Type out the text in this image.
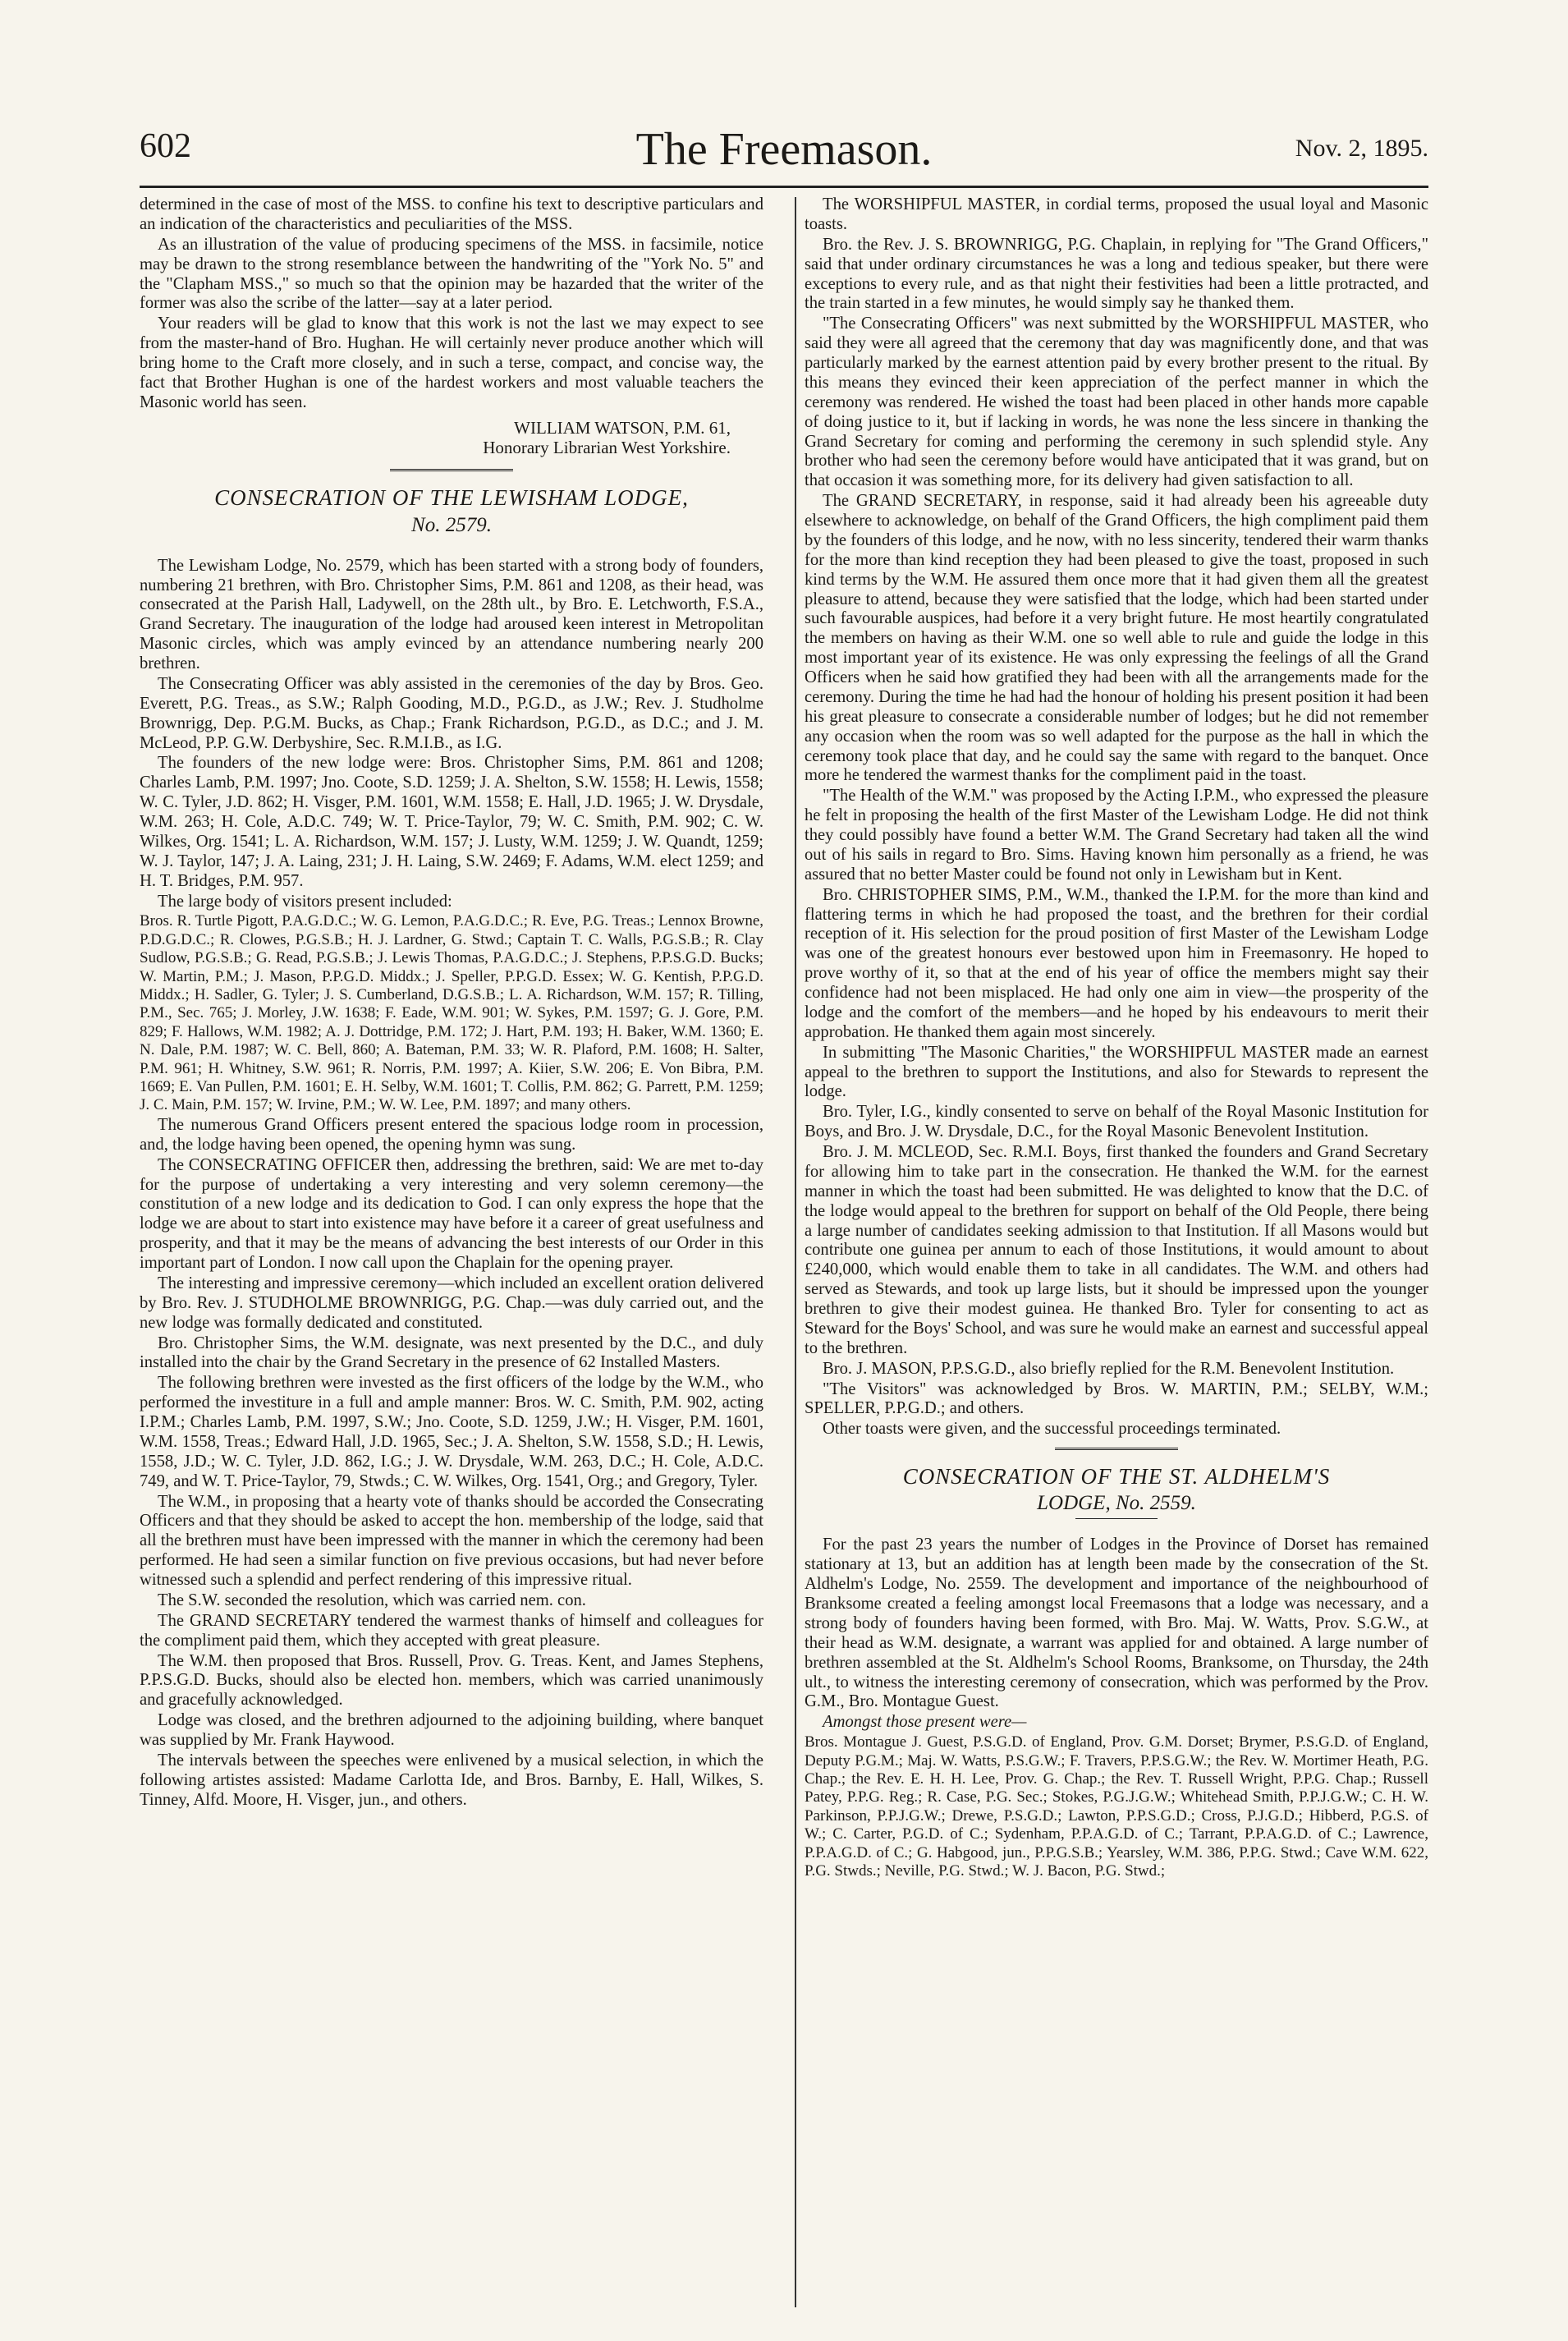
602	The Freemason.	Nov. 2, 1895.

determined in the case of most of the MSS. to confine his text to descriptive particulars and an indication of the characteristics and peculiarities of the MSS.

As an illustration of the value of producing specimens of the MSS. in facsimile, notice may be drawn to the strong resemblance between the handwriting of the "York No. 5" and the "Clapham MSS.," so much so that the opinion may be hazarded that the writer of the former was also the scribe of the latter—say at a later period.

Your readers will be glad to know that this work is not the last we may expect to see from the master-hand of Bro. Hughan. He will certainly never produce another which will bring home to the Craft more closely, and in such a terse, compact, and concise way, the fact that Brother Hughan is one of the hardest workers and most valuable teachers the Masonic world has seen.

WILLIAM WATSON, P.M. 61,
Honorary Librarian West Yorkshire.
CONSECRATION OF THE LEWISHAM LODGE,
No. 2579.

The Lewisham Lodge, No. 2579, which has been started with a strong body of founders, numbering 21 brethren, with Bro. Christopher Sims, P.M. 861 and 1208, as their head, was consecrated at the Parish Hall, Ladywell, on the 28th ult., by Bro. E. Letchworth, F.S.A., Grand Secretary. The inauguration of the lodge had aroused keen interest in Metropolitan Masonic circles, which was amply evinced by an attendance numbering nearly 200 brethren.

The Consecrating Officer was ably assisted in the ceremonies of the day by Bros. Geo. Everett, P.G. Treas., as S.W.; Ralph Gooding, M.D., P.G.D., as J.W.; Rev. J. Studholme Brownrigg, Dep. P.G.M. Bucks, as Chap.; Frank Richardson, P.G.D., as D.C.; and J. M. McLeod, P.P. G.W. Derbyshire, Sec. R.M.I.B., as I.G.

The founders of the new lodge were: Bros. Christopher Sims, P.M. 861 and 1208; Charles Lamb, P.M. 1997; Jno. Coote, S.D. 1259; J. A. Shelton, S.W. 1558; H. Lewis, 1558; W. C. Tyler, J.D. 862; H. Visger, P.M. 1601, W.M. 1558; E. Hall, J.D. 1965; J. W. Drysdale, W.M. 263; H. Cole, A.D.C. 749; W. T. Price-Taylor, 79; W. C. Smith, P.M. 902; C. W. Wilkes, Org. 1541; L. A. Richardson, W.M. 157; J. Lusty, W.M. 1259; J. W. Quandt, 1259; W. J. Taylor, 147; J. A. Laing, 231; J. H. Laing, S.W. 2469; F. Adams, W.M. elect 1259; and H. T. Bridges, P.M. 957.

The large body of visitors present included:

Bros. R. Turtle Pigott, P.A.G.D.C.; W. G. Lemon, P.A.G.D.C.; R. Eve, P.G. Treas.; Lennox Browne, P.D.G.D.C.; R. Clowes, P.G.S.B.; H. J. Lardner, G. Stwd.; Captain T. C. Walls, P.G.S.B.; R. Clay Sudlow, P.G.S.B.; G. Read, P.G.S.B.; J. Lewis Thomas, P.A.G.D.C.; J. Stephens, P.P.S.G.D. Bucks; W. Martin, P.M.; J. Mason, P.P.G.D. Middx.; J. Speller, P.P.G.D. Essex; W. G. Kentish, P.P.G.D. Middx.; H. Sadler, G. Tyler; J. S. Cumberland, D.G.S.B.; L. A. Richardson, W.M. 157; R. Tilling, P.M., Sec. 765; J. Morley, J.W. 1638; F. Eade, W.M. 901; W. Sykes, P.M. 1597; G. J. Gore, P.M. 829; F. Hallows, W.M. 1982; A. J. Dottridge, P.M. 172; J. Hart, P.M. 193; H. Baker, W.M. 1360; E. N. Dale, P.M. 1987; W. C. Bell, 860; A. Bateman, P.M. 33; W. R. Plaford, P.M. 1608; H. Salter, P.M. 961; H. Whitney, S.W. 961; R. Norris, P.M. 1997; A. Kiier, S.W. 206; E. Von Bibra, P.M. 1669; E. Van Pullen, P.M. 1601; E. H. Selby, W.M. 1601; T. Collis, P.M. 862; G. Parrett, P.M. 1259; J. C. Main, P.M. 157; W. Irvine, P.M.; W. W. Lee, P.M. 1897; and many others.

The numerous Grand Officers present entered the spacious lodge room in procession, and, the lodge having been opened, the opening hymn was sung.

The CONSECRATING OFFICER then, addressing the brethren, said: We are met to-day for the purpose of undertaking a very interesting and very solemn ceremony—the constitution of a new lodge and its dedication to God. I can only express the hope that the lodge we are about to start into existence may have before it a career of great usefulness and prosperity, and that it may be the means of advancing the best interests of our Order in this important part of London. I now call upon the Chaplain for the opening prayer.

The interesting and impressive ceremony—which included an excellent oration delivered by Bro. Rev. J. STUDHOLME BROWNRIGG, P.G. Chap.—was duly carried out, and the new lodge was formally dedicated and constituted.

Bro. Christopher Sims, the W.M. designate, was next presented by the D.C., and duly installed into the chair by the Grand Secretary in the presence of 62 Installed Masters.

The following brethren were invested as the first officers of the lodge by the W.M., who performed the investiture in a full and ample manner: Bros. W. C. Smith, P.M. 902, acting I.P.M.; Charles Lamb, P.M. 1997, S.W.; Jno. Coote, S.D. 1259, J.W.; H. Visger, P.M. 1601, W.M. 1558, Treas.; Edward Hall, J.D. 1965, Sec.; J. A. Shelton, S.W. 1558, S.D.; H. Lewis, 1558, J.D.; W. C. Tyler, J.D. 862, I.G.; J. W. Drysdale, W.M. 263, D.C.; H. Cole, A.D.C. 749, and W. T. Price-Taylor, 79, Stwds.; C. W. Wilkes, Org. 1541, Org.; and Gregory, Tyler.

The W.M., in proposing that a hearty vote of thanks should be accorded the Consecrating Officers and that they should be asked to accept the hon. membership of the lodge, said that all the brethren must have been impressed with the manner in which the ceremony had been performed. He had seen a similar function on five previous occasions, but had never before witnessed such a splendid and perfect rendering of this impressive ritual.

The S.W. seconded the resolution, which was carried nem. con.

The GRAND SECRETARY tendered the warmest thanks of himself and colleagues for the compliment paid them, which they accepted with great pleasure.

The W.M. then proposed that Bros. Russell, Prov. G. Treas. Kent, and James Stephens, P.P.S.G.D. Bucks, should also be elected hon. members, which was carried unanimously and gracefully acknowledged.

Lodge was closed, and the brethren adjourned to the adjoining building, where banquet was supplied by Mr. Frank Haywood.

The intervals between the speeches were enlivened by a musical selection, in which the following artistes assisted: Madame Carlotta Ide, and Bros. Barnby, E. Hall, Wilkes, S. Tinney, Alfd. Moore, H. Visger, jun., and others.

The WORSHIPFUL MASTER, in cordial terms, proposed the usual loyal and Masonic toasts.

Bro. the Rev. J. S. BROWNRIGG, P.G. Chaplain, in replying for "The Grand Officers," said that under ordinary circumstances he was a long and tedious speaker, but there were exceptions to every rule, and as that night their festivities had been a little protracted, and the train started in a few minutes, he would simply say he thanked them.

"The Consecrating Officers" was next submitted by the WORSHIPFUL MASTER, who said they were all agreed that the ceremony that day was magnificently done, and that was particularly marked by the earnest attention paid by every brother present to the ritual. By this means they evinced their keen appreciation of the perfect manner in which the ceremony was rendered. He wished the toast had been placed in other hands more capable of doing justice to it, but if lacking in words, he was none the less sincere in thanking the Grand Secretary for coming and performing the ceremony in such splendid style. Any brother who had seen the ceremony before would have anticipated that it was grand, but on that occasion it was something more, for its delivery had given satisfaction to all.

The GRAND SECRETARY, in response, said it had already been his agreeable duty elsewhere to acknowledge, on behalf of the Grand Officers, the high compliment paid them by the founders of this lodge, and he now, with no less sincerity, tendered their warm thanks for the more than kind reception they had been pleased to give the toast, proposed in such kind terms by the W.M. He assured them once more that it had given them all the greatest pleasure to attend, because they were satisfied that the lodge, which had been started under such favourable auspices, had before it a very bright future. He most heartily congratulated the members on having as their W.M. one so well able to rule and guide the lodge in this most important year of its existence. He was only expressing the feelings of all the Grand Officers when he said how gratified they had been with all the arrangements made for the ceremony. During the time he had had the honour of holding his present position it had been his great pleasure to consecrate a considerable number of lodges; but he did not remember any occasion when the room was so well adapted for the purpose as the hall in which the ceremony took place that day, and he could say the same with regard to the banquet. Once more he tendered the warmest thanks for the compliment paid in the toast.

"The Health of the W.M." was proposed by the Acting I.P.M., who expressed the pleasure he felt in proposing the health of the first Master of the Lewisham Lodge. He did not think they could possibly have found a better W.M. The Grand Secretary had taken all the wind out of his sails in regard to Bro. Sims. Having known him personally as a friend, he was assured that no better Master could be found not only in Lewisham but in Kent.

Bro. CHRISTOPHER SIMS, P.M., W.M., thanked the I.P.M. for the more than kind and flattering terms in which he had proposed the toast, and the brethren for their cordial reception of it. His selection for the proud position of first Master of the Lewisham Lodge was one of the greatest honours ever bestowed upon him in Freemasonry. He hoped to prove worthy of it, so that at the end of his year of office the members might say their confidence had not been misplaced. He had only one aim in view—the prosperity of the lodge and the comfort of the members—and he hoped by his endeavours to merit their approbation. He thanked them again most sincerely.

In submitting "The Masonic Charities," the WORSHIPFUL MASTER made an earnest appeal to the brethren to support the Institutions, and also for Stewards to represent the lodge.

Bro. Tyler, I.G., kindly consented to serve on behalf of the Royal Masonic Institution for Boys, and Bro. J. W. Drysdale, D.C., for the Royal Masonic Benevolent Institution.

Bro. J. M. MCLEOD, Sec. R.M.I. Boys, first thanked the founders and Grand Secretary for allowing him to take part in the consecration. He thanked the W.M. for the earnest manner in which the toast had been submitted. He was delighted to know that the D.C. of the lodge would appeal to the brethren for support on behalf of the Old People, there being a large number of candidates seeking admission to that Institution. If all Masons would but contribute one guinea per annum to each of those Institutions, it would amount to about £240,000, which would enable them to take in all candidates. The W.M. and others had served as Stewards, and took up large lists, but it should be impressed upon the younger brethren to give their modest guinea. He thanked Bro. Tyler for consenting to act as Steward for the Boys' School, and was sure he would make an earnest and successful appeal to the brethren.

Bro. J. MASON, P.P.S.G.D., also briefly replied for the R.M. Benevolent Institution.

"The Visitors" was acknowledged by Bros. W. MARTIN, P.M.; SELBY, W.M.; SPELLER, P.P.G.D.; and others.

Other toasts were given, and the successful proceedings terminated.

CONSECRATION OF THE ST. ALDHELM'S
LODGE, No. 2559.

For the past 23 years the number of Lodges in the Province of Dorset has remained stationary at 13, but an addition has at length been made by the consecration of the St. Aldhelm's Lodge, No. 2559. The development and importance of the neighbourhood of Branksome created a feeling amongst local Freemasons that a lodge was necessary, and a strong body of founders having been formed, with Bro. Maj. W. Watts, Prov. S.G.W., at their head as W.M. designate, a warrant was applied for and obtained. A large number of brethren assembled at the St. Aldhelm's School Rooms, Branksome, on Thursday, the 24th ult., to witness the interesting ceremony of consecration, which was performed by the Prov. G.M., Bro. Montague Guest.

Amongst those present were—

Bros. Montague J. Guest, P.S.G.D. of England, Prov. G.M. Dorset; Brymer, P.S.G.D. of England, Deputy P.G.M.; Maj. W. Watts, P.S.G.W.; F. Travers, P.P.S.G.W.; the Rev. W. Mortimer Heath, P.G. Chap.; the Rev. E. H. H. Lee, Prov. G. Chap.; the Rev. T. Russell Wright, P.P.G. Chap.; Russell Patey, P.P.G. Reg.; R. Case, P.G. Sec.; Stokes, P.G.J.G.W.; Whitehead Smith, P.P.J.G.W.; C. H. W. Parkinson, P.P.J.G.W.; Drewe, P.S.G.D.; Lawton, P.P.S.G.D.; Cross, P.J.G.D.; Hibberd, P.G.S. of W.; C. Carter, P.G.D. of C.; Sydenham, P.P.A.G.D. of C.; Tarrant, P.P.A.G.D. of C.; Lawrence, P.P.A.G.D. of C.; G. Habgood, jun., P.P.G.S.B.; Yearsley, W.M. 386, P.P.G. Stwd.; Cave W.M. 622, P.G. Stwds.; Neville, P.G. Stwd.; W. J. Bacon, P.G. Stwd.;
